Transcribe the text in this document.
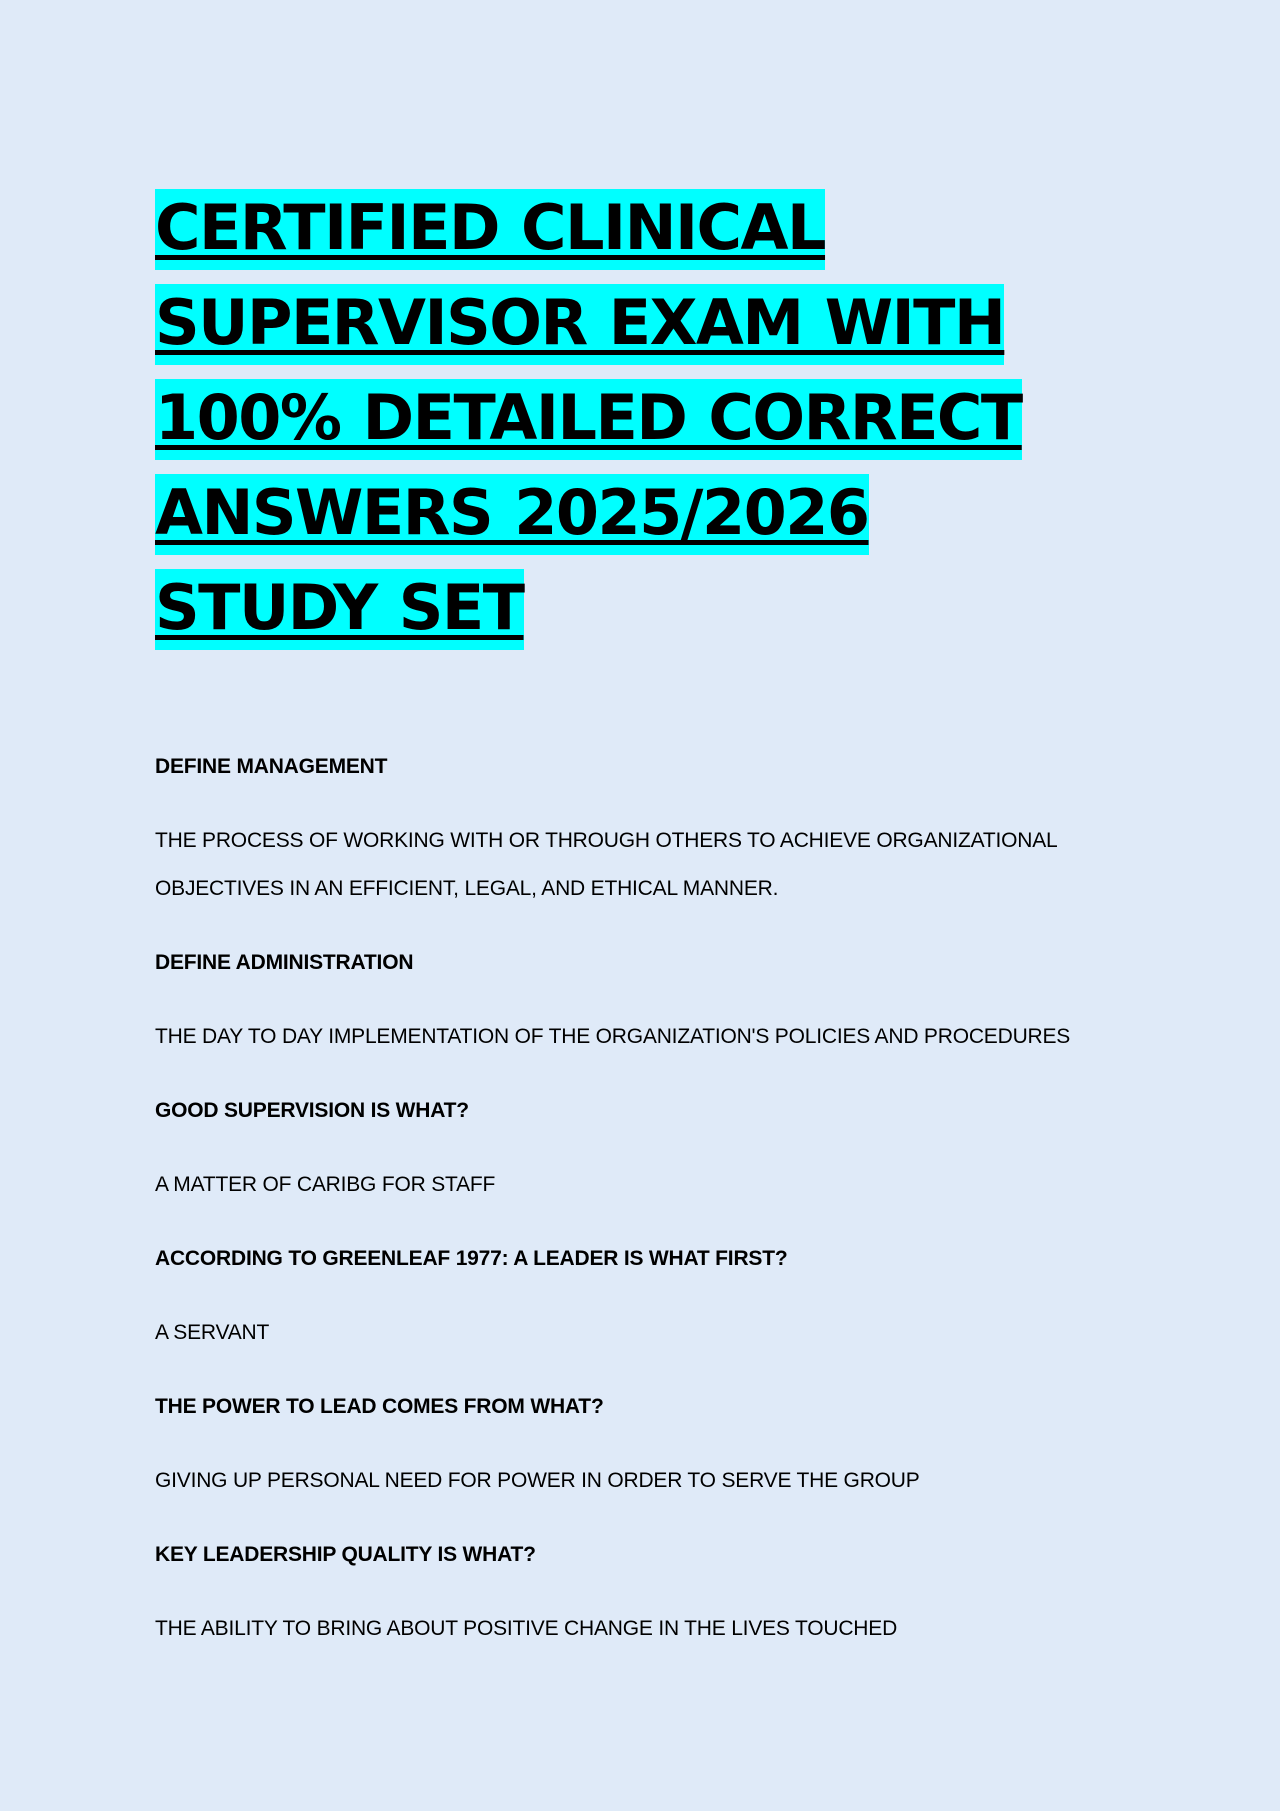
CERTIFIED CLINICAL SUPERVISOR EXAM WITH 100% DETAILED CORRECT ANSWERS 2025/2026 STUDY SET

DEFINE MANAGEMENT

THE PROCESS OF WORKING WITH OR THROUGH OTHERS TO ACHIEVE ORGANIZATIONAL OBJECTIVES IN AN EFFICIENT, LEGAL, AND ETHICAL MANNER.

DEFINE ADMINISTRATION

THE DAY TO DAY IMPLEMENTATION OF THE ORGANIZATION'S POLICIES AND PROCEDURES

GOOD SUPERVISION IS WHAT?

A MATTER OF CARIBG FOR STAFF

ACCORDING TO GREENLEAF 1977: A LEADER IS WHAT FIRST?

A SERVANT

THE POWER TO LEAD COMES FROM WHAT?

GIVING UP PERSONAL NEED FOR POWER IN ORDER TO SERVE THE GROUP

KEY LEADERSHIP QUALITY IS WHAT?

THE ABILITY TO BRING ABOUT POSITIVE CHANGE IN THE LIVES TOUCHED
